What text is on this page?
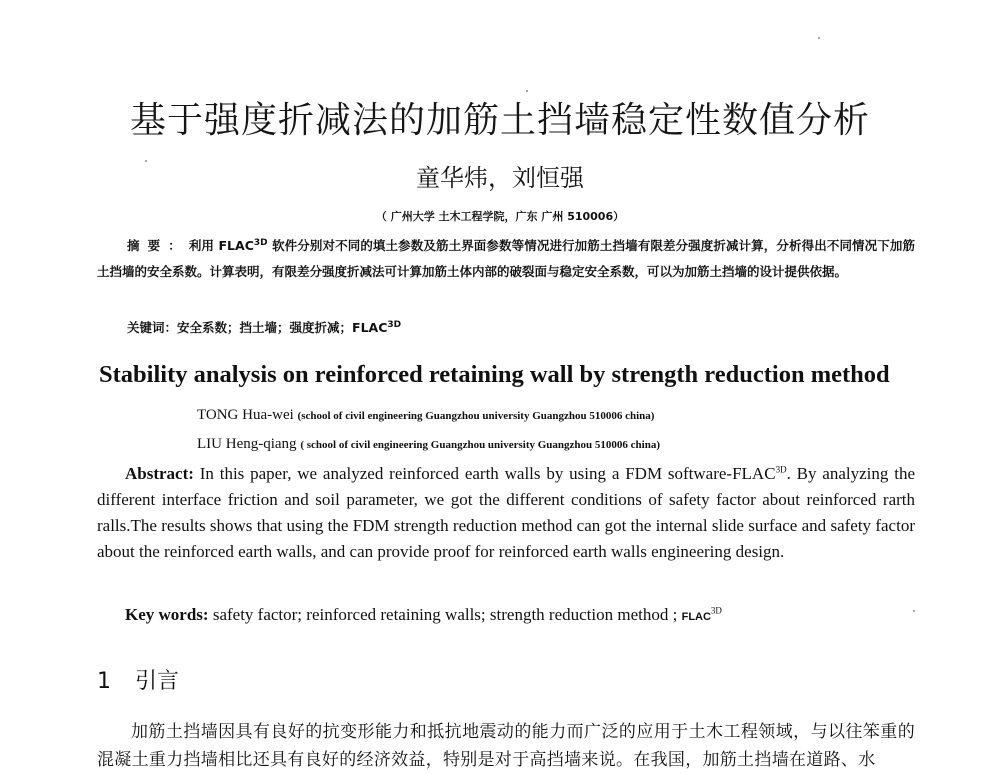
基于强度折减法的加筋土挡墙稳定性数值分析
童华炜，刘恒强
（ 广州大学 土木工程学院，广东 广州 510006）
摘要：利用 $FLAC^{3D}$ 软件分别对不同的填土参数及筋土界面参数等情况进行加筋土挡墙有限差分强度折减计算，分析得出不同情况下加筋土挡墙的安全系数。计算表明，有限差分强度折减法可计算加筋土体内部的破裂面与稳定安全系数，可以为加筋土挡墙的设计提供依据。
关键词：安全系数；挡土墙；强度折减；$FLAC^{3D}$
Stability analysis on reinforced retaining wall by strength reduction method
TONG Hua-wei (school of civil engineering Guangzhou university Guangzhou 510006 china)
LIU Heng-qiang ( school of civil engineering Guangzhou university Guangzhou 510006 china)
Abstract: In this paper, we analyzed reinforced earth walls by using a FDM software-$FLAC^{3D}$. By analyzing the different interface friction and soil parameter, we got the different conditions of safety factor about reinforced rarth ralls.The results shows that using the FDM strength reduction method can got the internal slide surface and safety factor about the reinforced earth walls, and can provide proof for reinforced earth walls engineering design.
Key words: safety factor; reinforced retaining walls; strength reduction method ; $FLAC^{3D}$
1 引言
加筋土挡墙因具有良好的抗变形能力和抵抗地震动的能力而广泛的应用于土木工程领域，与以往笨重的混凝土重力挡墙相比还具有良好的经济效益，特别是对于高挡墙来说。在我国，加筋土挡墙在道路、水
